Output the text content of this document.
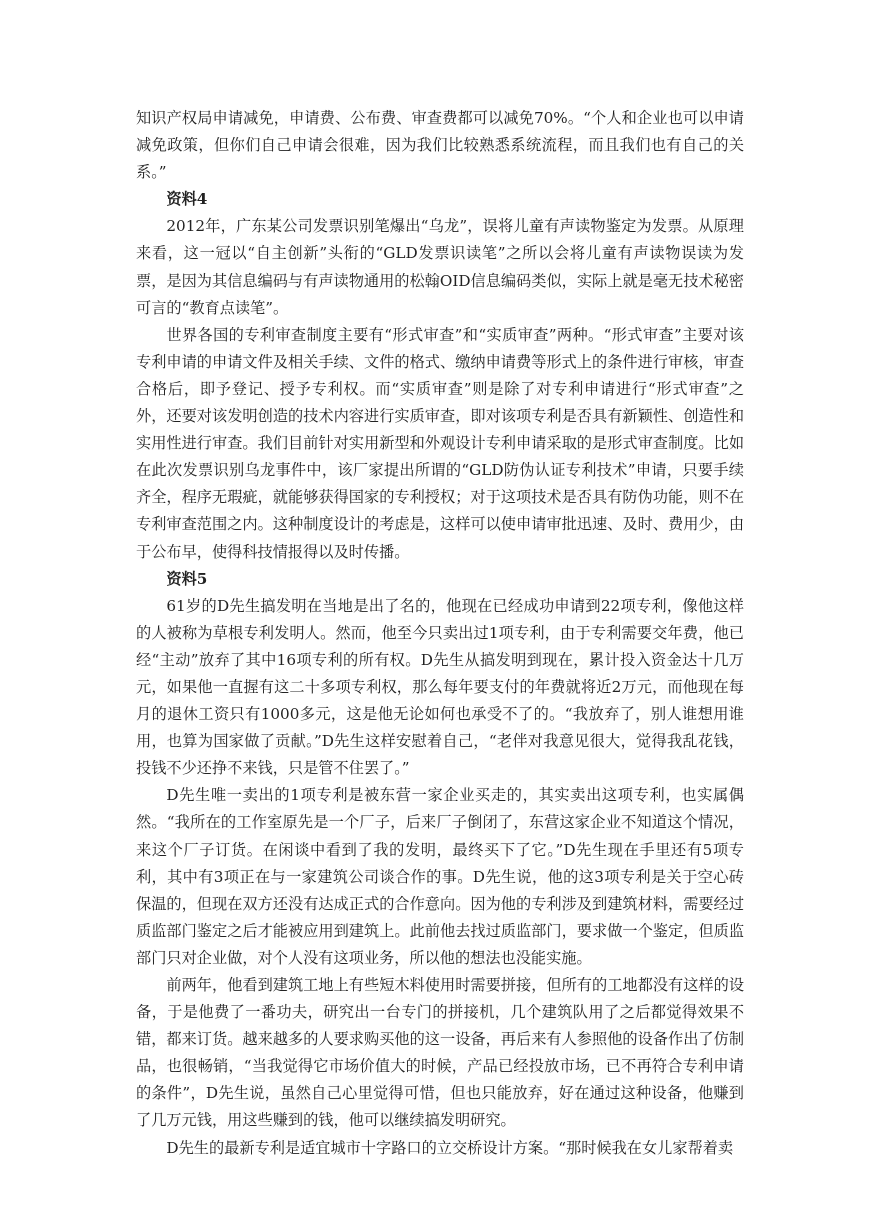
知识产权局申请减免，申请费、公布费、审查费都可以减免70%。“个人和企业也可以申请减免政策，但你们自己申请会很难，因为我们比较熟悉系统流程，而且我们也有自己的关系。”

资料4

2012年，广东某公司发票识别笔爆出“乌龙”，误将儿童有声读物鉴定为发票。从原理来看，这一冠以“自主创新”头衔的“GLD发票识读笔”之所以会将儿童有声读物误读为发票，是因为其信息编码与有声读物通用的松翰OID信息编码类似，实际上就是毫无技术秘密可言的“教育点读笔”。

世界各国的专利审查制度主要有“形式审查”和“实质审查”两种。“形式审查”主要对该专利申请的申请文件及相关手续、文件的格式、缴纳申请费等形式上的条件进行审核，审查合格后，即予登记、授予专利权。而“实质审查”则是除了对专利申请进行“形式审查”之外，还要对该发明创造的技术内容进行实质审查，即对该项专利是否具有新颖性、创造性和实用性进行审查。我们目前针对实用新型和外观设计专利申请采取的是形式审查制度。比如在此次发票识别乌龙事件中，该厂家提出所谓的“GLD防伪认证专利技术”申请，只要手续齐全，程序无瑕疵，就能够获得国家的专利授权；对于这项技术是否具有防伪功能，则不在专利审查范围之内。这种制度设计的考虑是，这样可以使申请审批迅速、及时、费用少，由于公布早，使得科技情报得以及时传播。

资料5

61岁的D先生搞发明在当地是出了名的，他现在已经成功申请到22项专利，像他这样的人被称为草根专利发明人。然而，他至今只卖出过1项专利，由于专利需要交年费，他已经“主动”放弃了其中16项专利的所有权。D先生从搞发明到现在，累计投入资金达十几万元，如果他一直握有这二十多项专利权，那么每年要支付的年费就将近2万元，而他现在每月的退休工资只有1000多元，这是他无论如何也承受不了的。“我放弃了，别人谁想用谁用，也算为国家做了贡献。”D先生这样安慰着自己，“老伴对我意见很大，觉得我乱花钱，投钱不少还挣不来钱，只是管不住罢了。”

D先生唯一卖出的1项专利是被东营一家企业买走的，其实卖出这项专利，也实属偶然。“我所在的工作室原先是一个厂子，后来厂子倒闭了，东营这家企业不知道这个情况，来这个厂子订货。在闲谈中看到了我的发明，最终买下了它。”D先生现在手里还有5项专利，其中有3项正在与一家建筑公司谈合作的事。D先生说，他的这3项专利是关于空心砖保温的，但现在双方还没有达成正式的合作意向。因为他的专利涉及到建筑材料，需要经过质监部门鉴定之后才能被应用到建筑上。此前他去找过质监部门，要求做一个鉴定，但质监部门只对企业做，对个人没有这项业务，所以他的想法也没能实施。

前两年，他看到建筑工地上有些短木料使用时需要拼接，但所有的工地都没有这样的设备，于是他费了一番功夫，研究出一台专门的拼接机，几个建筑队用了之后都觉得效果不错，都来订货。越来越多的人要求购买他的这一设备，再后来有人参照他的设备作出了仿制品，也很畅销，“当我觉得它市场价值大的时候，产品已经投放市场，已不再符合专利申请的条件”，D先生说，虽然自己心里觉得可惜，但也只能放弃，好在通过这种设备，他赚到了几万元钱，用这些赚到的钱，他可以继续搞发明研究。

D先生的最新专利是适宜城市十字路口的立交桥设计方案。“那时候我在女儿家帮着卖
